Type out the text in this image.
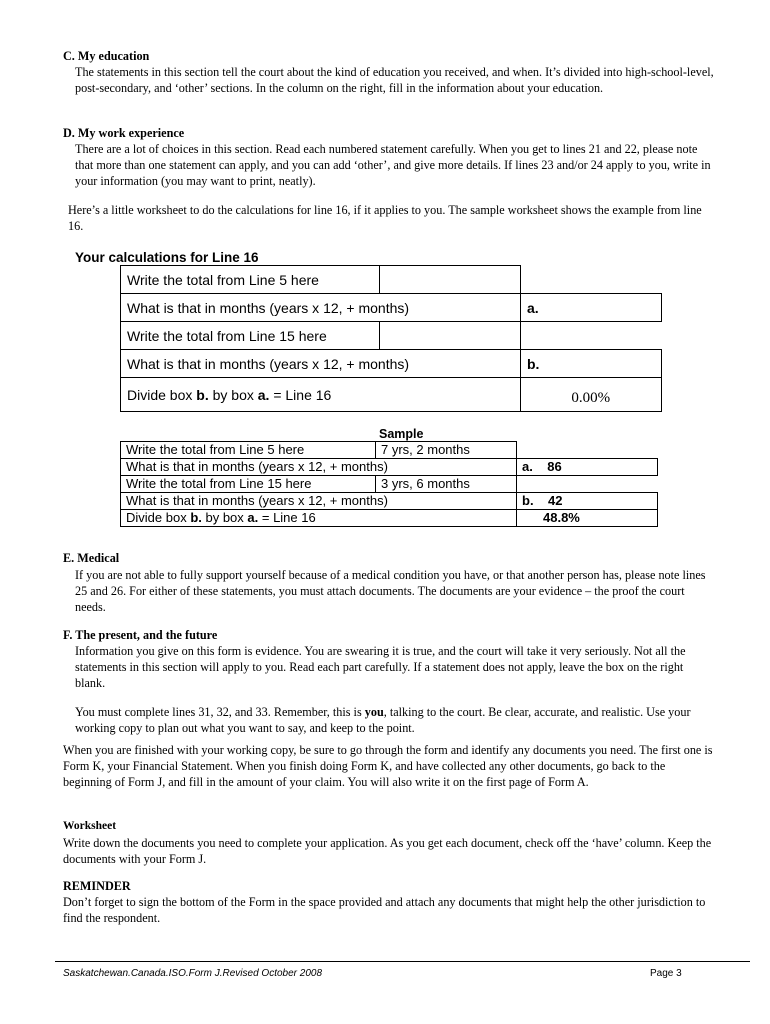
C. My education
The statements in this section tell the court about the kind of education you received, and when. It’s divided into high-school-level, post-secondary, and ‘other’ sections. In the column on the right, fill in the information about your education.
D. My work experience
There are a lot of choices in this section. Read each numbered statement carefully. When you get to lines 21 and 22, please note that more than one statement can apply, and you can add ‘other’, and give more details. If lines 23 and/or 24 apply to you, write in your information (you may want to print, neatly).
Here’s a little worksheet to do the calculations for line 16, if it applies to you. The sample worksheet shows the example from line 16.
Your calculations for Line 16
Write the total from Line 5 here		
What is that in months (years x 12, + months)		a.
Write the total from Line 15 here		
What is that in months (years x 12, + months)		b.
Divide box b. by box a. = Line 16		0.00%
Sample
Write the total from Line 5 here	7 yrs, 2 months	
What is that in months (years x 12, + months)		a. 86
Write the total from Line 15 here	3 yrs, 6 months	
What is that in months (years x 12, + months)		b. 42
Divide box b. by box a. = Line 16		48.8%
E. Medical
If you are not able to fully support yourself because of a medical condition you have, or that another person has, please note lines 25 and 26. For either of these statements, you must attach documents. The documents are your evidence – the proof the court needs.
F. The present, and the future
Information you give on this form is evidence. You are swearing it is true, and the court will take it very seriously. Not all the statements in this section will apply to you. Read each part carefully. If a statement does not apply, leave the box on the right blank.
You must complete lines 31, 32, and 33. Remember, this is you, talking to the court. Be clear, accurate, and realistic. Use your working copy to plan out what you want to say, and keep to the point.
When you are finished with your working copy, be sure to go through the form and identify any documents you need. The first one is Form K, your Financial Statement. When you finish doing Form K, and have collected any other documents, go back to the beginning of Form J, and fill in the amount of your claim. You will also write it on the first page of Form A.
Worksheet
Write down the documents you need to complete your application. As you get each document, check off the ‘have’ column. Keep the documents with your Form J.
REMINDER
Don’t forget to sign the bottom of the Form in the space provided and attach any documents that might help the other jurisdiction to find the respondent.
Saskatchewan.Canada.ISO.Form J.Revised October 2008	Page 3
